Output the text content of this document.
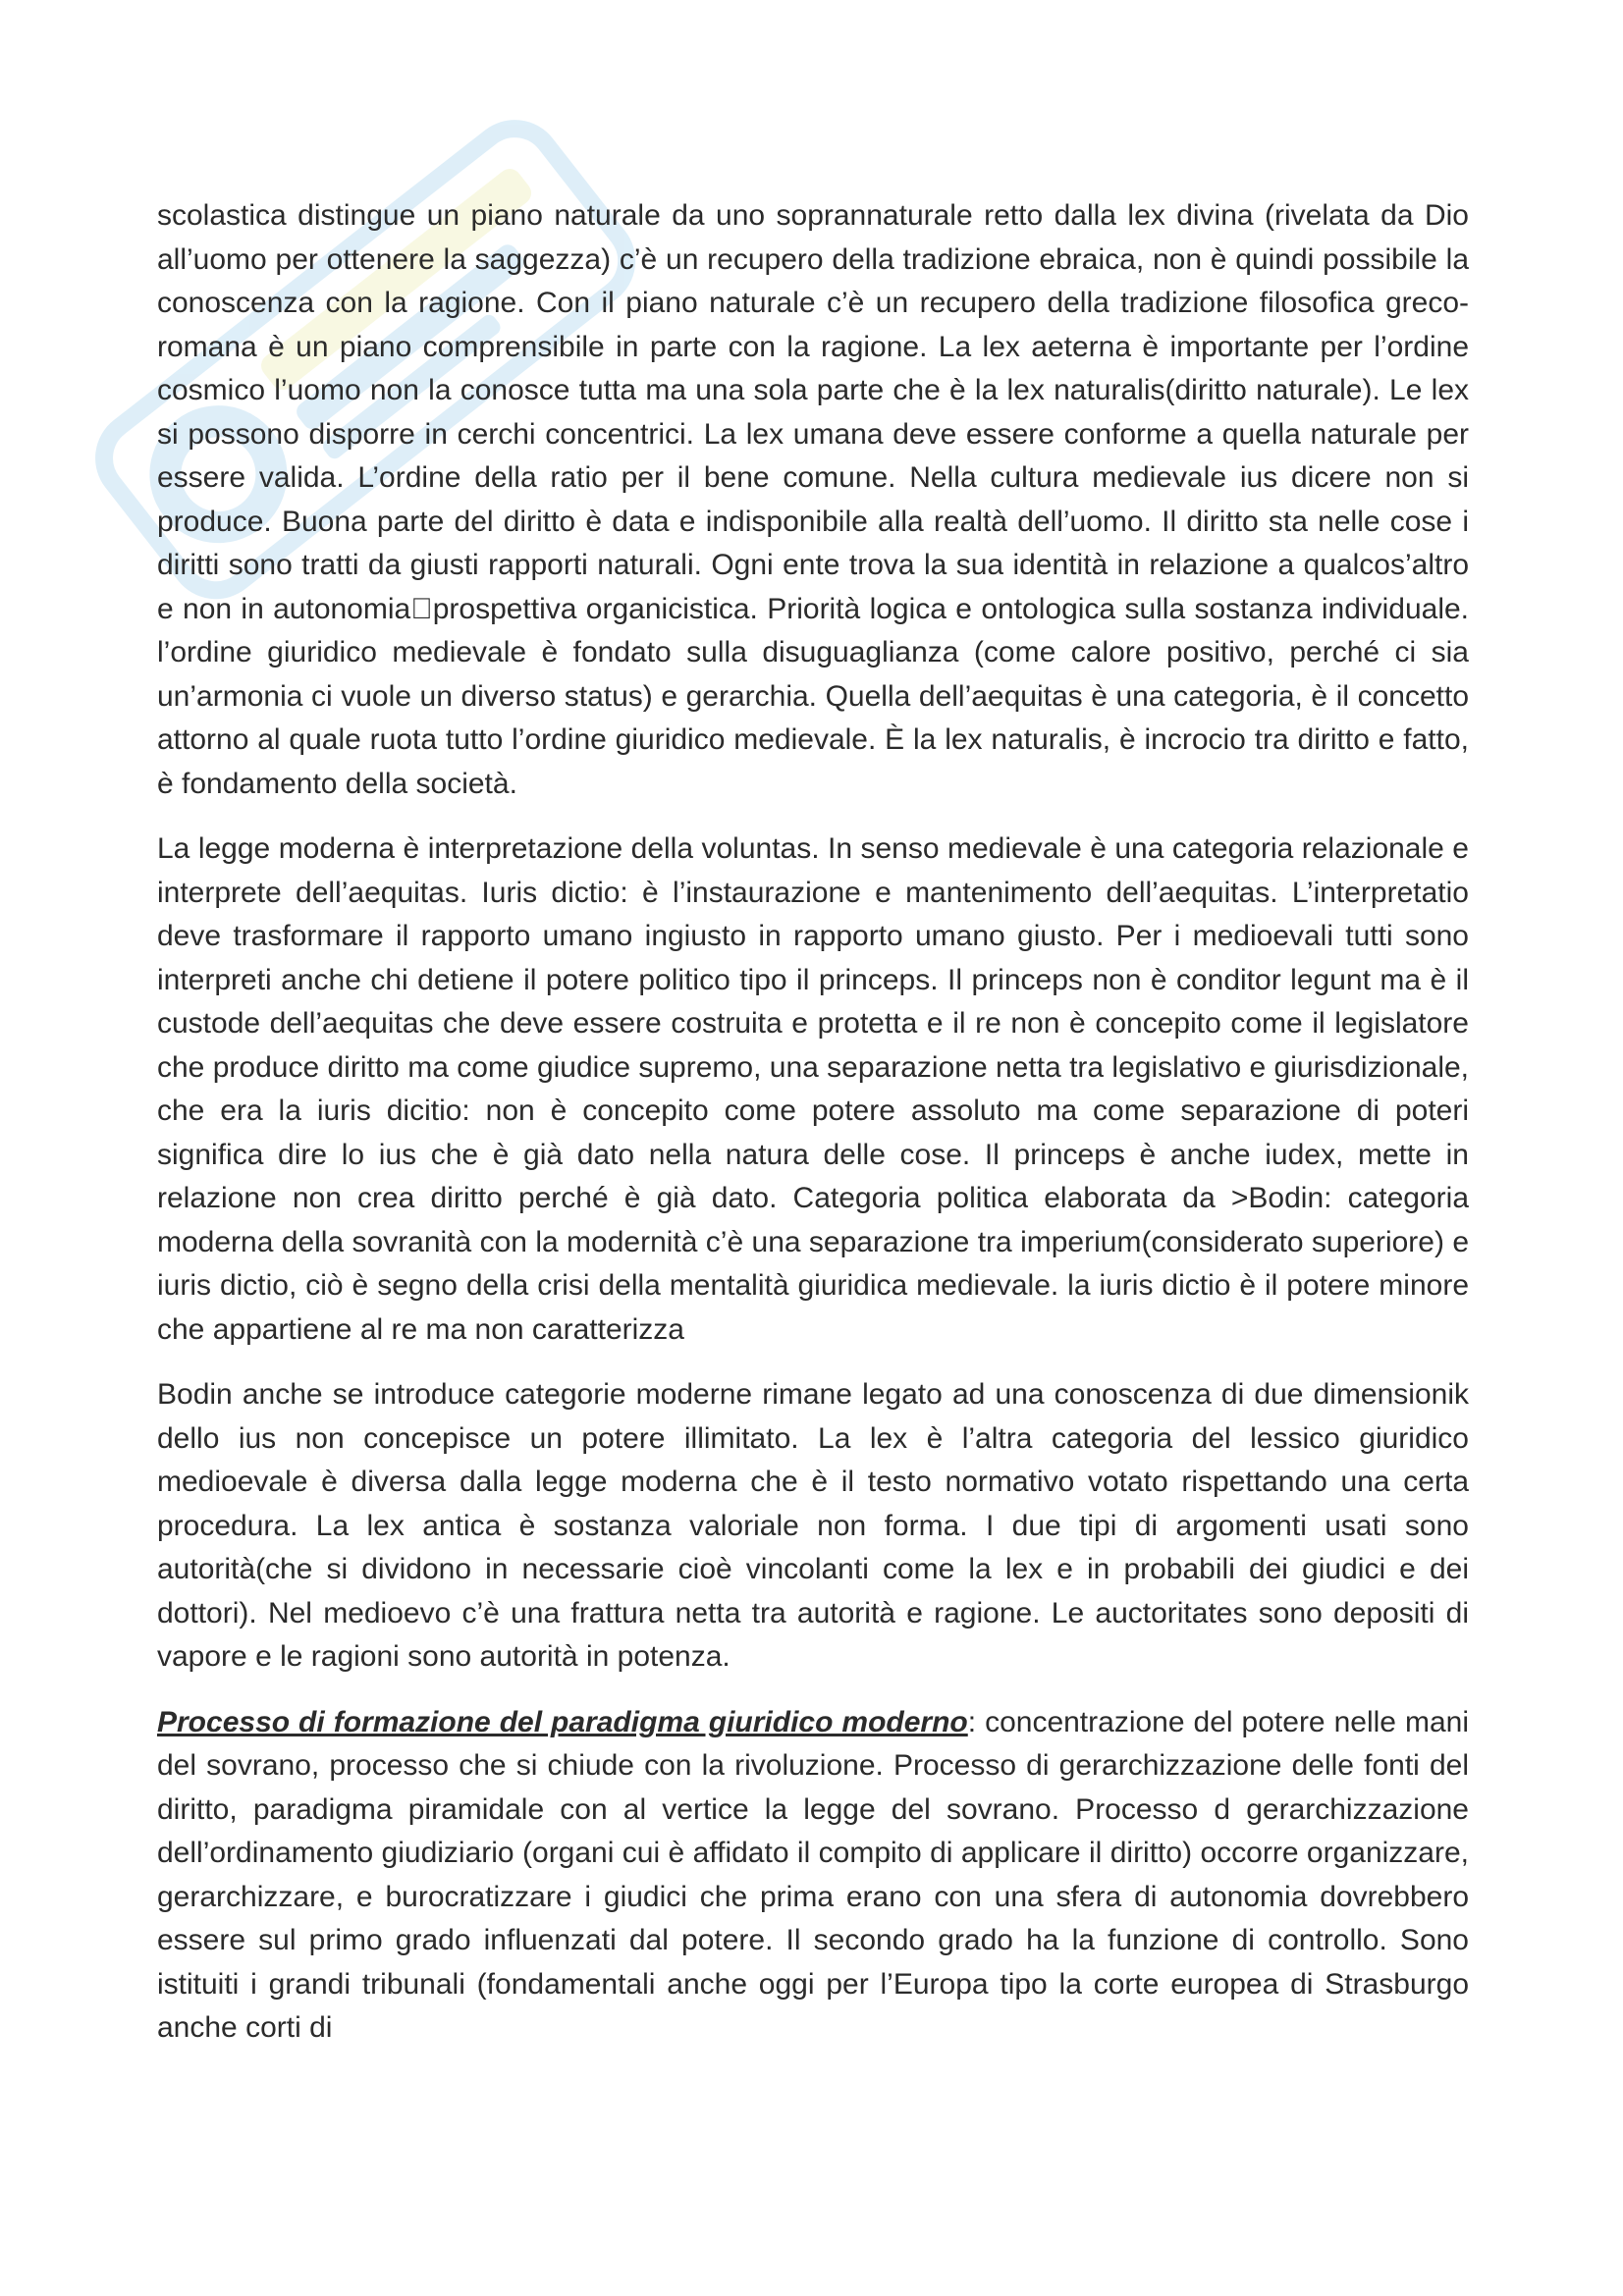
scolastica distingue un piano naturale da uno soprannaturale retto dalla lex divina (rivelata da Dio all’uomo per ottenere la saggezza) c’è un recupero della tradizione ebraica, non è quindi possibile la conoscenza con la ragione. Con il piano naturale c’è un recupero della tradizione filosofica greco-romana è un piano comprensibile in parte con la ragione. La lex aeterna è importante per l’ordine cosmico l’uomo non la conosce tutta ma una sola parte che è la lex naturalis(diritto naturale). Le lex si possono disporre in cerchi concentrici. La lex umana deve essere conforme a quella naturale per essere valida. L’ordine della ratio per il bene comune. Nella cultura medievale ius dicere non si produce. Buona parte del diritto è data e indisponibile alla realtà dell’uomo. Il diritto sta nelle cose i diritti sono tratti da giusti rapporti naturali. Ogni ente trova la sua identità in relazione a qualcos’altro e non in autonomia prospettiva organicistica. Priorità logica e ontologica sulla sostanza individuale. l’ordine giuridico medievale è fondato sulla disuguaglianza (come calore positivo, perché ci sia un’armonia ci vuole un diverso status) e gerarchia. Quella dell’aequitas è una categoria, è il concetto attorno al quale ruota tutto l’ordine giuridico medievale. È la lex naturalis, è incrocio tra diritto e fatto, è fondamento della società.

La legge moderna è interpretazione della voluntas. In senso medievale è una categoria relazionale e interprete dell’aequitas. Iuris dictio: è l’instaurazione e mantenimento dell’aequitas. L’interpretatio deve trasformare il rapporto umano ingiusto in rapporto umano giusto. Per i medioevali tutti sono interpreti anche chi detiene il potere politico tipo il princeps. Il princeps non è conditor legunt ma è il custode dell’aequitas che deve essere costruita e protetta e il re non è concepito come il legislatore che produce diritto ma come giudice supremo, una separazione netta tra legislativo e giurisdizionale, che era la iuris dicitio: non è concepito come potere assoluto ma come separazione di poteri significa dire lo ius che è già dato nella natura delle cose. Il princeps è anche iudex, mette in relazione non crea diritto perché è già dato. Categoria politica elaborata da >Bodin: categoria moderna della sovranità con la modernità c’è una separazione tra imperium(considerato superiore) e iuris dictio, ciò è segno della crisi della mentalità giuridica medievale. la iuris dictio è il potere minore che appartiene al re ma non caratterizza

Bodin anche se introduce categorie moderne rimane legato ad una conoscenza di due dimensionik dello ius non concepisce un potere illimitato. La lex è l’altra categoria del lessico giuridico medioevale è diversa dalla legge moderna che è il testo normativo votato rispettando una certa procedura. La lex antica è sostanza valoriale non forma. I due tipi di argomenti usati sono autorità(che si dividono in necessarie cioè vincolanti come la lex e in probabili dei giudici e dei dottori). Nel medioevo c’è una frattura netta tra autorità e ragione. Le auctoritates sono depositi di vapore e le ragioni sono autorità in potenza.

Processo di formazione del paradigma giuridico moderno: concentrazione del potere nelle mani del sovrano, processo che si chiude con la rivoluzione. Processo di gerarchizzazione delle fonti del diritto, paradigma piramidale con al vertice la legge del sovrano. Processo d gerarchizzazione dell’ordinamento giudiziario (organi cui è affidato il compito di applicare il diritto) occorre organizzare, gerarchizzare, e burocratizzare i giudici che prima erano con una sfera di autonomia dovrebbero essere sul primo grado influenzati dal potere. Il secondo grado ha la funzione di controllo. Sono istituiti i grandi tribunali (fondamentali anche oggi per l’Europa tipo la corte europea di Strasburgo anche corti di
